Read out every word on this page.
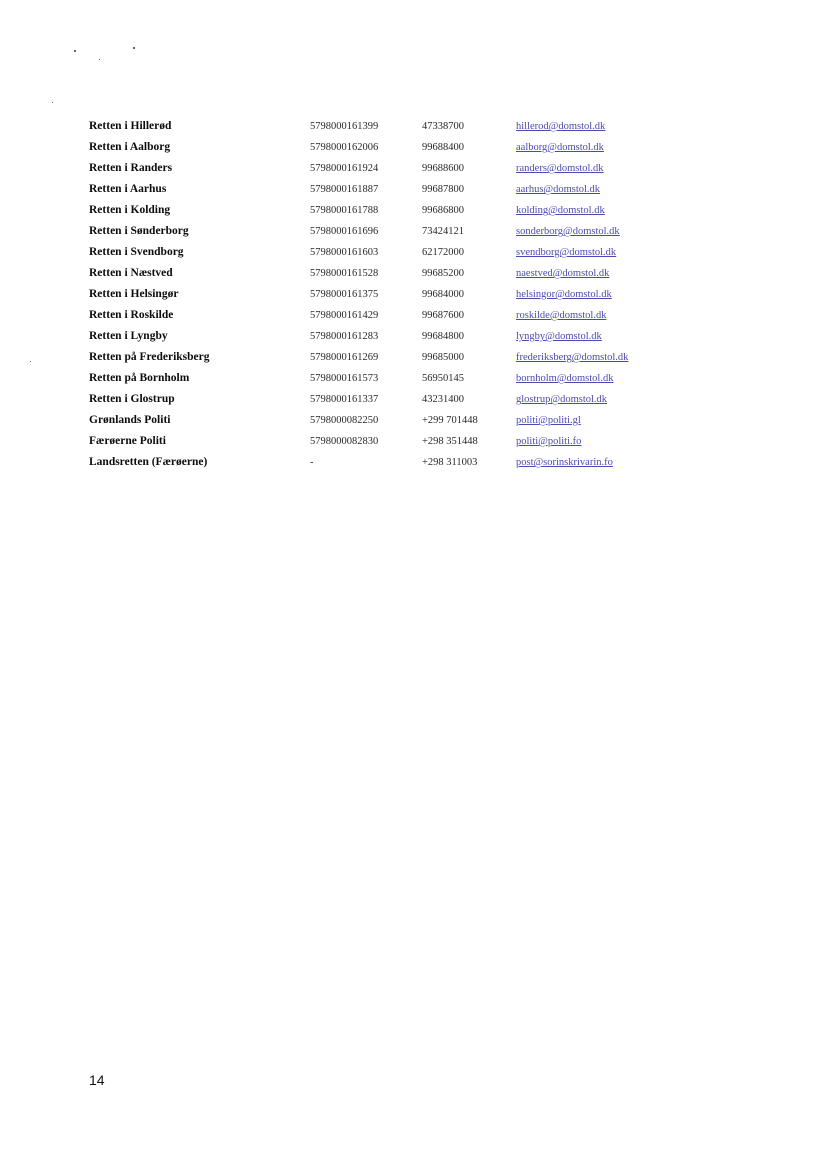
Retten i Hillerød	5798000161399	47338700	hillerod@domstol.dk
Retten i Aalborg	5798000162006	99688400	aalborg@domstol.dk
Retten i Randers	5798000161924	99688600	randers@domstol.dk
Retten i Aarhus	5798000161887	99687800	aarhus@domstol.dk
Retten i Kolding	5798000161788	99686800	kolding@domstol.dk
Retten i Sønderborg	5798000161696	73424121	sonderborg@domstol.dk
Retten i Svendborg	5798000161603	62172000	svendborg@domstol.dk
Retten i Næstved	5798000161528	99685200	naestved@domstol.dk
Retten i Helsingør	5798000161375	99684000	helsingor@domstol.dk
Retten i Roskilde	5798000161429	99687600	roskilde@domstol.dk
Retten i Lyngby	5798000161283	99684800	lyngby@domstol.dk
Retten på Frederiksberg	5798000161269	99685000	frederiksberg@domstol.dk
Retten på Bornholm	5798000161573	56950145	bornholm@domstol.dk
Retten i Glostrup	5798000161337	43231400	glostrup@domstol.dk
Grønlands Politi	5798000082250	+299 701448	politi@politi.gl
Færøerne Politi	5798000082830	+298 351448	politi@politi.fo
Landsretten (Færøerne)	-	+298 311003	post@sorinskrivarin.fo
14
